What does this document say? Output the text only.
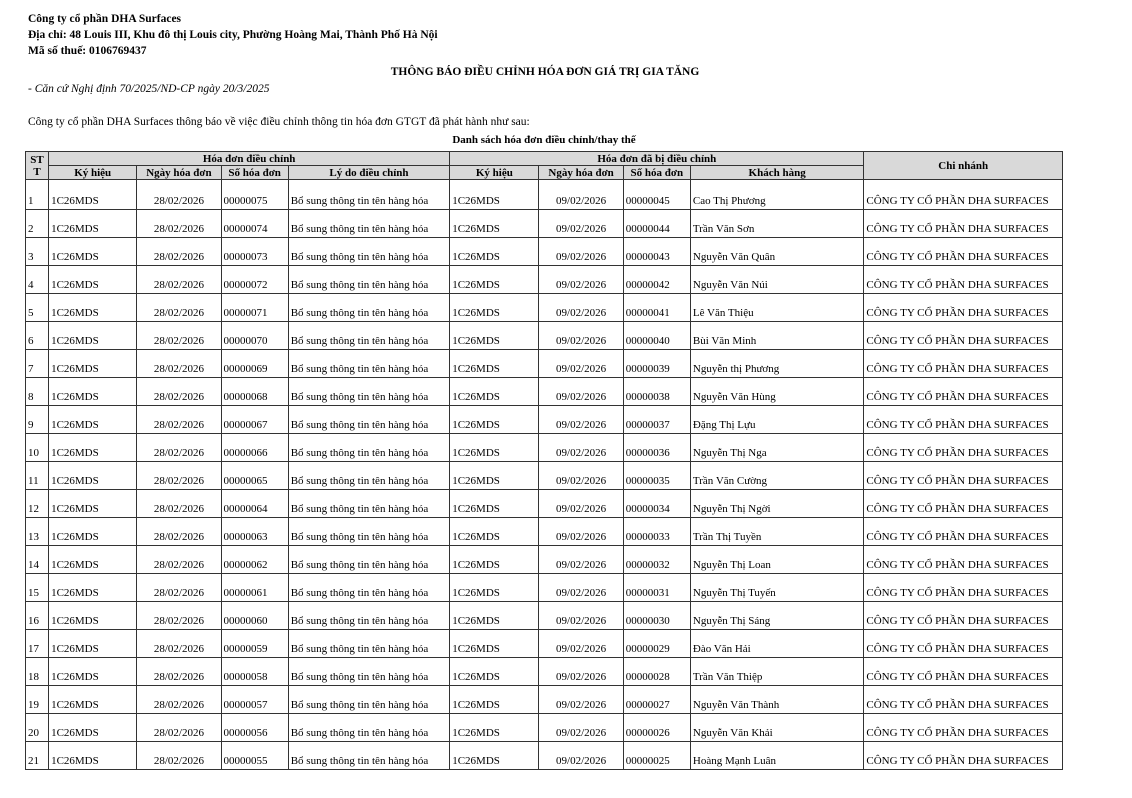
Công ty cổ phần DHA Surfaces
Địa chỉ: 48 Louis III, Khu đô thị Louis city, Phường Hoàng Mai, Thành Phố Hà Nội
Mã số thuế: 0106769437
THÔNG BÁO ĐIỀU CHỈNH HÓA ĐƠN GIÁ TRỊ GIA TĂNG
- Căn cứ Nghị định 70/2025/ND-CP ngày 20/3/2025
Công ty cổ phần DHA Surfaces thông báo về việc điều chỉnh thông tin hóa đơn GTGT đã phát hành như sau:
Danh sách hóa đơn điều chỉnh/thay thế
ST
T	Hóa đơn điều chỉnh				Hóa đơn đã bị điều chỉnh				Chi nhánh
	Ký hiệu	Ngày hóa đơn	Số hóa đơn	Lý do điều chỉnh	Ký hiệu	Ngày hóa đơn	Số hóa đơn	Khách hàng	
1	1C26MDS	28/02/2026	00000075	Bổ sung thông tin tên hàng hóa	1C26MDS	09/02/2026	00000045	Cao Thị Phương	CÔNG TY CỔ PHẦN DHA SURFACES
2	1C26MDS	28/02/2026	00000074	Bổ sung thông tin tên hàng hóa	1C26MDS	09/02/2026	00000044	Trần Văn Sơn	CÔNG TY CỔ PHẦN DHA SURFACES
3	1C26MDS	28/02/2026	00000073	Bổ sung thông tin tên hàng hóa	1C26MDS	09/02/2026	00000043	Nguyễn Văn Quân	CÔNG TY CỔ PHẦN DHA SURFACES
4	1C26MDS	28/02/2026	00000072	Bổ sung thông tin tên hàng hóa	1C26MDS	09/02/2026	00000042	Nguyễn Văn Núi	CÔNG TY CỔ PHẦN DHA SURFACES
5	1C26MDS	28/02/2026	00000071	Bổ sung thông tin tên hàng hóa	1C26MDS	09/02/2026	00000041	Lê Văn Thiệu	CÔNG TY CỔ PHẦN DHA SURFACES
6	1C26MDS	28/02/2026	00000070	Bổ sung thông tin tên hàng hóa	1C26MDS	09/02/2026	00000040	Bùi Văn Minh	CÔNG TY CỔ PHẦN DHA SURFACES
7	1C26MDS	28/02/2026	00000069	Bổ sung thông tin tên hàng hóa	1C26MDS	09/02/2026	00000039	Nguyễn thị Phương	CÔNG TY CỔ PHẦN DHA SURFACES
8	1C26MDS	28/02/2026	00000068	Bổ sung thông tin tên hàng hóa	1C26MDS	09/02/2026	00000038	Nguyễn Văn Hùng	CÔNG TY CỔ PHẦN DHA SURFACES
9	1C26MDS	28/02/2026	00000067	Bổ sung thông tin tên hàng hóa	1C26MDS	09/02/2026	00000037	Đặng Thị Lựu	CÔNG TY CỔ PHẦN DHA SURFACES
10	1C26MDS	28/02/2026	00000066	Bổ sung thông tin tên hàng hóa	1C26MDS	09/02/2026	00000036	Nguyễn Thị Nga	CÔNG TY CỔ PHẦN DHA SURFACES
11	1C26MDS	28/02/2026	00000065	Bổ sung thông tin tên hàng hóa	1C26MDS	09/02/2026	00000035	Trần Văn Cường	CÔNG TY CỔ PHẦN DHA SURFACES
12	1C26MDS	28/02/2026	00000064	Bổ sung thông tin tên hàng hóa	1C26MDS	09/02/2026	00000034	Nguyễn Thị Ngời	CÔNG TY CỔ PHẦN DHA SURFACES
13	1C26MDS	28/02/2026	00000063	Bổ sung thông tin tên hàng hóa	1C26MDS	09/02/2026	00000033	Trần Thị Tuyền	CÔNG TY CỔ PHẦN DHA SURFACES
14	1C26MDS	28/02/2026	00000062	Bổ sung thông tin tên hàng hóa	1C26MDS	09/02/2026	00000032	Nguyễn Thị Loan	CÔNG TY CỔ PHẦN DHA SURFACES
15	1C26MDS	28/02/2026	00000061	Bổ sung thông tin tên hàng hóa	1C26MDS	09/02/2026	00000031	Nguyễn Thị Tuyến	CÔNG TY CỔ PHẦN DHA SURFACES
16	1C26MDS	28/02/2026	00000060	Bổ sung thông tin tên hàng hóa	1C26MDS	09/02/2026	00000030	Nguyễn Thị Sáng	CÔNG TY CỔ PHẦN DHA SURFACES
17	1C26MDS	28/02/2026	00000059	Bổ sung thông tin tên hàng hóa	1C26MDS	09/02/2026	00000029	Đào Văn Hải	CÔNG TY CỔ PHẦN DHA SURFACES
18	1C26MDS	28/02/2026	00000058	Bổ sung thông tin tên hàng hóa	1C26MDS	09/02/2026	00000028	Trần Văn Thiệp	CÔNG TY CỔ PHẦN DHA SURFACES
19	1C26MDS	28/02/2026	00000057	Bổ sung thông tin tên hàng hóa	1C26MDS	09/02/2026	00000027	Nguyễn Văn Thành	CÔNG TY CỔ PHẦN DHA SURFACES
20	1C26MDS	28/02/2026	00000056	Bổ sung thông tin tên hàng hóa	1C26MDS	09/02/2026	00000026	Nguyễn Văn Khải	CÔNG TY CỔ PHẦN DHA SURFACES
21	1C26MDS	28/02/2026	00000055	Bổ sung thông tin tên hàng hóa	1C26MDS	09/02/2026	00000025	Hoàng Mạnh Luân	CÔNG TY CỔ PHẦN DHA SURFACES
